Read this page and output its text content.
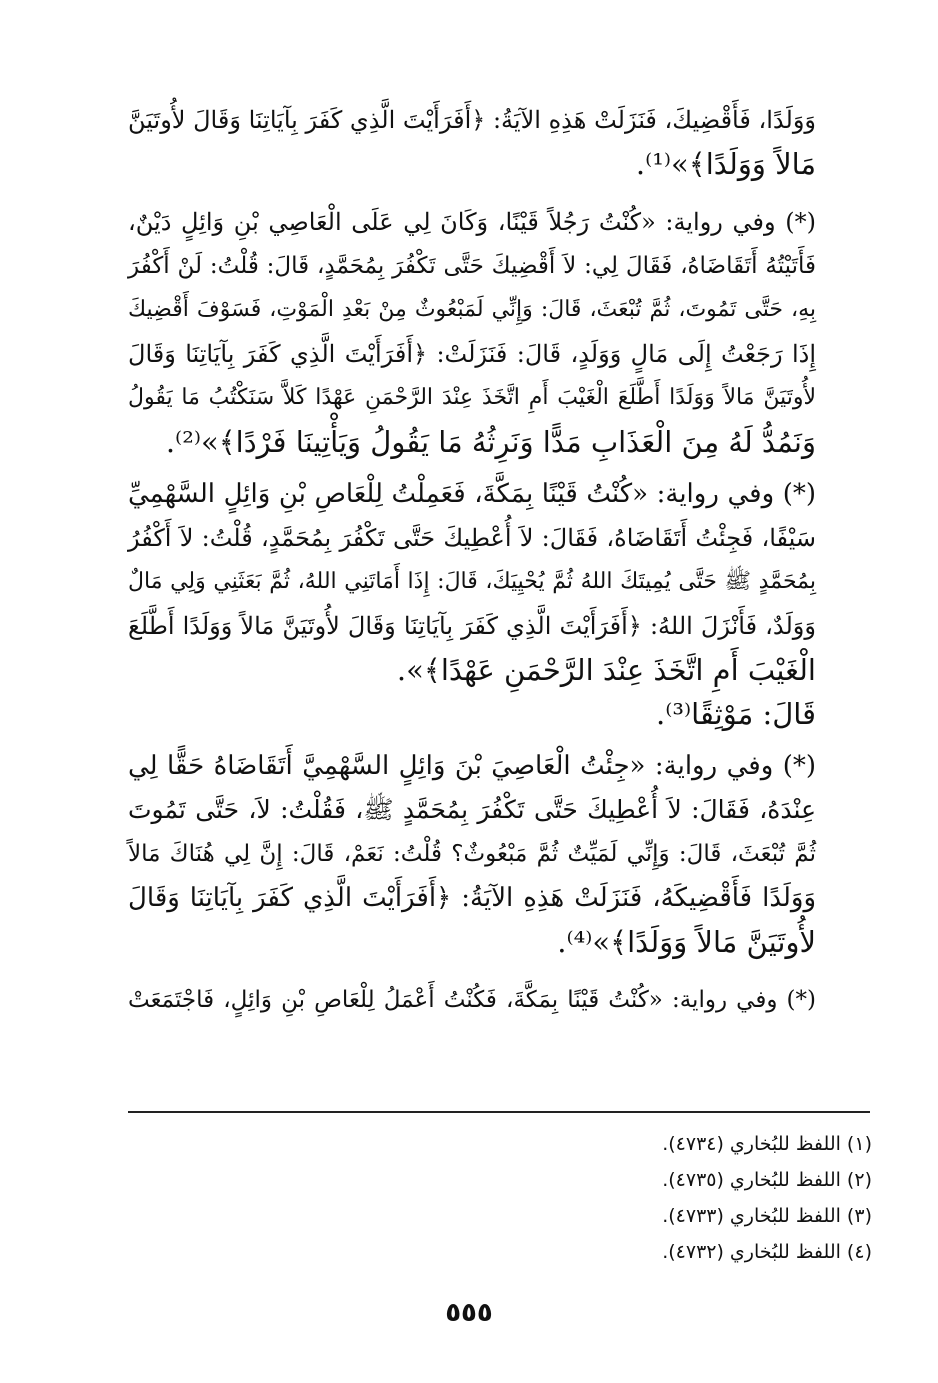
وَوَلَدًا، فَأَقْضِيكَ، فَنَزَلَتْ هَذِهِ الآيَةُ: ﴿أَفَرَأَيْتَ الَّذِي كَفَرَ بِآيَاتِنَا وَقَالَ لأُوتَيَنَّ
مَالاً وَوَلَدًا﴾»⁽¹⁾.
(*) وفي رواية: «كُنْتُ رَجُلاً قَيْنًا، وَكَانَ لِي عَلَى الْعَاصِي بْنِ وَائِلٍ دَيْنٌ،
فَأَتَيْتُهُ أَتَقَاضَاهُ، فَقَالَ لِي: لاَ أَقْضِيكَ حَتَّى تَكْفُرَ بِمُحَمَّدٍ، قَالَ: قُلْتُ: لَنْ أَكْفُرَ
بِهِ، حَتَّى تَمُوتَ، ثُمَّ تُبْعَثَ، قَالَ: وَإِنِّي لَمَبْعُوثٌ مِنْ بَعْدِ الْمَوْتِ، فَسَوْفَ أَقْضِيكَ
إِذَا رَجَعْتُ إِلَى مَالٍ وَوَلَدٍ، قَالَ: فَنَزَلَتْ: ﴿أَفَرَأَيْتَ الَّذِي كَفَرَ بِآيَاتِنَا وَقَالَ
لأُوتَيَنَّ مَالاً وَوَلَدًا أَطَّلَعَ الْغَيْبَ أَمِ اتَّخَذَ عِنْدَ الرَّحْمَنِ عَهْدًا كَلاَّ سَنَكْتُبُ مَا يَقُولُ
وَنَمُدُّ لَهُ مِنَ الْعَذَابِ مَدًّا وَنَرِثُهُ مَا يَقُولُ وَيَأْتِينَا فَرْدًا﴾»⁽²⁾.
(*) وفي رواية: «كُنْتُ قَيْنًا بِمَكَّةَ، فَعَمِلْتُ لِلْعَاصِ بْنِ وَائِلٍ السَّهْمِيِّ
سَيْفًا، فَجِئْتُ أَتَقَاضَاهُ، فَقَالَ: لاَ أُعْطِيكَ حَتَّى تَكْفُرَ بِمُحَمَّدٍ، قُلْتُ: لاَ أَكْفُرُ
بِمُحَمَّدٍ ﷺ حَتَّى يُمِيتَكَ اللهُ ثُمَّ يُحْيِيَكَ، قَالَ: إِذَا أَمَاتَنِي اللهُ، ثُمَّ بَعَثَنِي وَلِي مَالٌ
وَوَلَدٌ، فَأَنْزَلَ اللهُ: ﴿أَفَرَأَيْتَ الَّذِي كَفَرَ بِآيَاتِنَا وَقَالَ لأُوتَيَنَّ مَالاً وَوَلَدًا أَطَّلَعَ
الْغَيْبَ أَمِ اتَّخَذَ عِنْدَ الرَّحْمَنِ عَهْدًا﴾».
قَالَ: مَوْثِقًا⁽³⁾.
(*) وفي رواية: «جِئْتُ الْعَاصِيَ بْنَ وَائِلٍ السَّهْمِيَّ أَتَقَاضَاهُ حَقًّا لِي
عِنْدَهُ، فَقَالَ: لاَ أُعْطِيكَ حَتَّى تَكْفُرَ بِمُحَمَّدٍ ﷺ، فَقُلْتُ: لاَ، حَتَّى تَمُوتَ
ثُمَّ تُبْعَثَ، قَالَ: وَإِنِّي لَمَيِّتٌ ثُمَّ مَبْعُوثٌ؟ قُلْتُ: نَعَمْ، قَالَ: إِنَّ لِي هُنَاكَ مَالاً
وَوَلَدًا فَأَقْضِيكَهُ، فَنَزَلَتْ هَذِهِ الآيَةُ: ﴿أَفَرَأَيْتَ الَّذِي كَفَرَ بِآيَاتِنَا وَقَالَ
لأُوتَيَنَّ مَالاً وَوَلَدًا﴾»⁽⁴⁾.
(*) وفي رواية: «كُنْتُ قَيْنًا بِمَكَّةَ، فَكُنْتُ أَعْمَلُ لِلْعَاصِ بْنِ وَائِلٍ، فَاجْتَمَعَتْ
(١) اللفظ للبُخاري (٤٧٣٤).
(٢) اللفظ للبُخاري (٤٧٣٥).
(٣) اللفظ للبُخاري (٤٧٣٣).
(٤) اللفظ للبُخاري (٤٧٣٢).
٥٥٥
